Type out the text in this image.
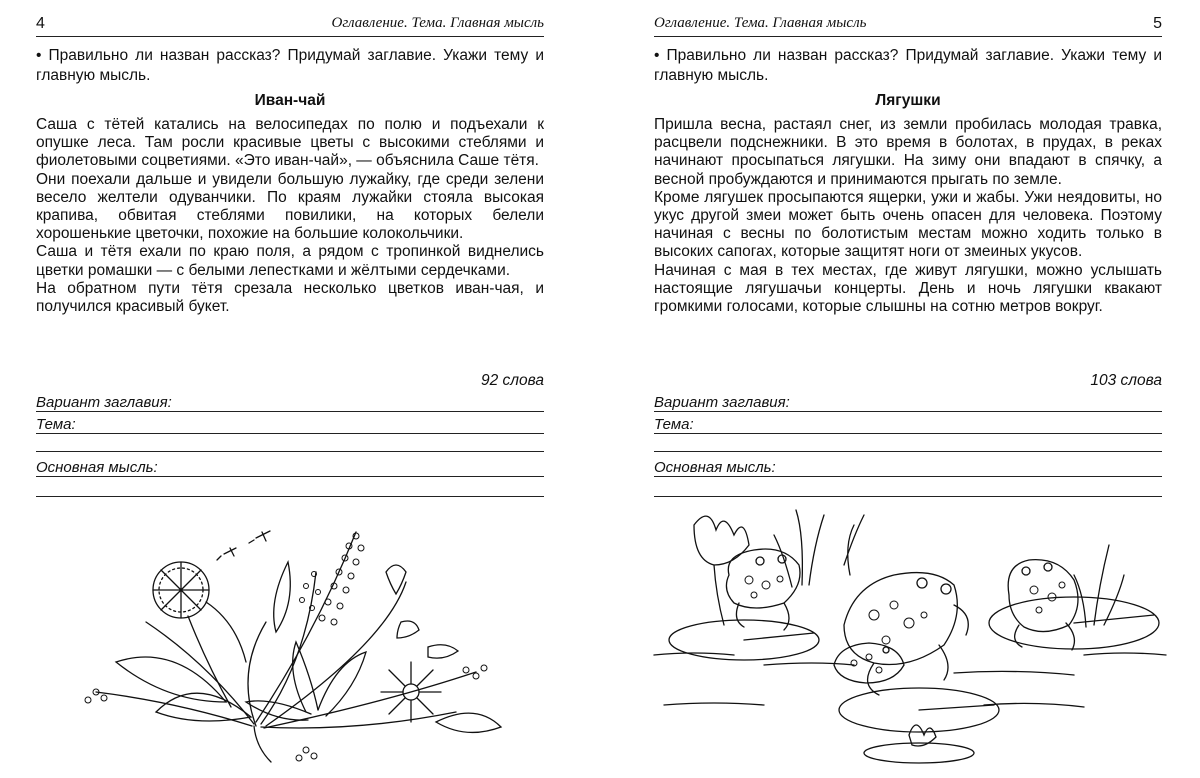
4	Оглавление. Тема. Главная мысль
• Правильно ли назван рассказ? Придумай заглавие. Укажи тему и главную мысль.
Иван-чай

Саша с тётей катались на велосипедах по полю и подъехали к опушке леса. Там росли красивые цветы с высокими стеблями и фиолетовыми соцветиями. «Это иван-чай», — объяснила Саше тётя.

Они поехали дальше и увидели большую лужайку, где среди зелени весело желтели одуванчики. По краям лужайки стояла высокая крапива, обвитая стеблями повилики, на которых белели хорошенькие цветочки, похожие на большие колокольчики.

Саша и тётя ехали по краю поля, а рядом с тропинкой виднелись цветки ромашки — с белыми лепестками и жёлтыми сердечками.

На обратном пути тётя срезала несколько цветков иван-чая, и получился красивый букет.

92 слова
Вариант заглавия:
Тема:
Основная мысль:
Оглавление. Тема. Главная мысль	5
• Правильно ли назван рассказ? Придумай заглавие. Укажи тему и главную мысль.
Лягушки

Пришла весна, растаял снег, из земли пробилась молодая травка, расцвели подснежники. В это время в болотах, в прудах, в реках начинают просыпаться лягушки. На зиму они впадают в спячку, а весной пробуждаются и принимаются прыгать по земле.

Кроме лягушек просыпаются ящерки, ужи и жабы. Ужи неядовиты, но укус другой змеи может быть очень опасен для человека. Поэтому начиная с весны по болотистым местам можно ходить только в высоких сапогах, которые защитят ноги от змеиных укусов.

Начиная с мая в тех местах, где живут лягушки, можно услышать настоящие лягушачьи концерты. День и ночь лягушки квакают громкими голосами, которые слышны на сотню метров вокруг.

103 слова
Вариант заглавия:
Тема:
Основная мысль:
